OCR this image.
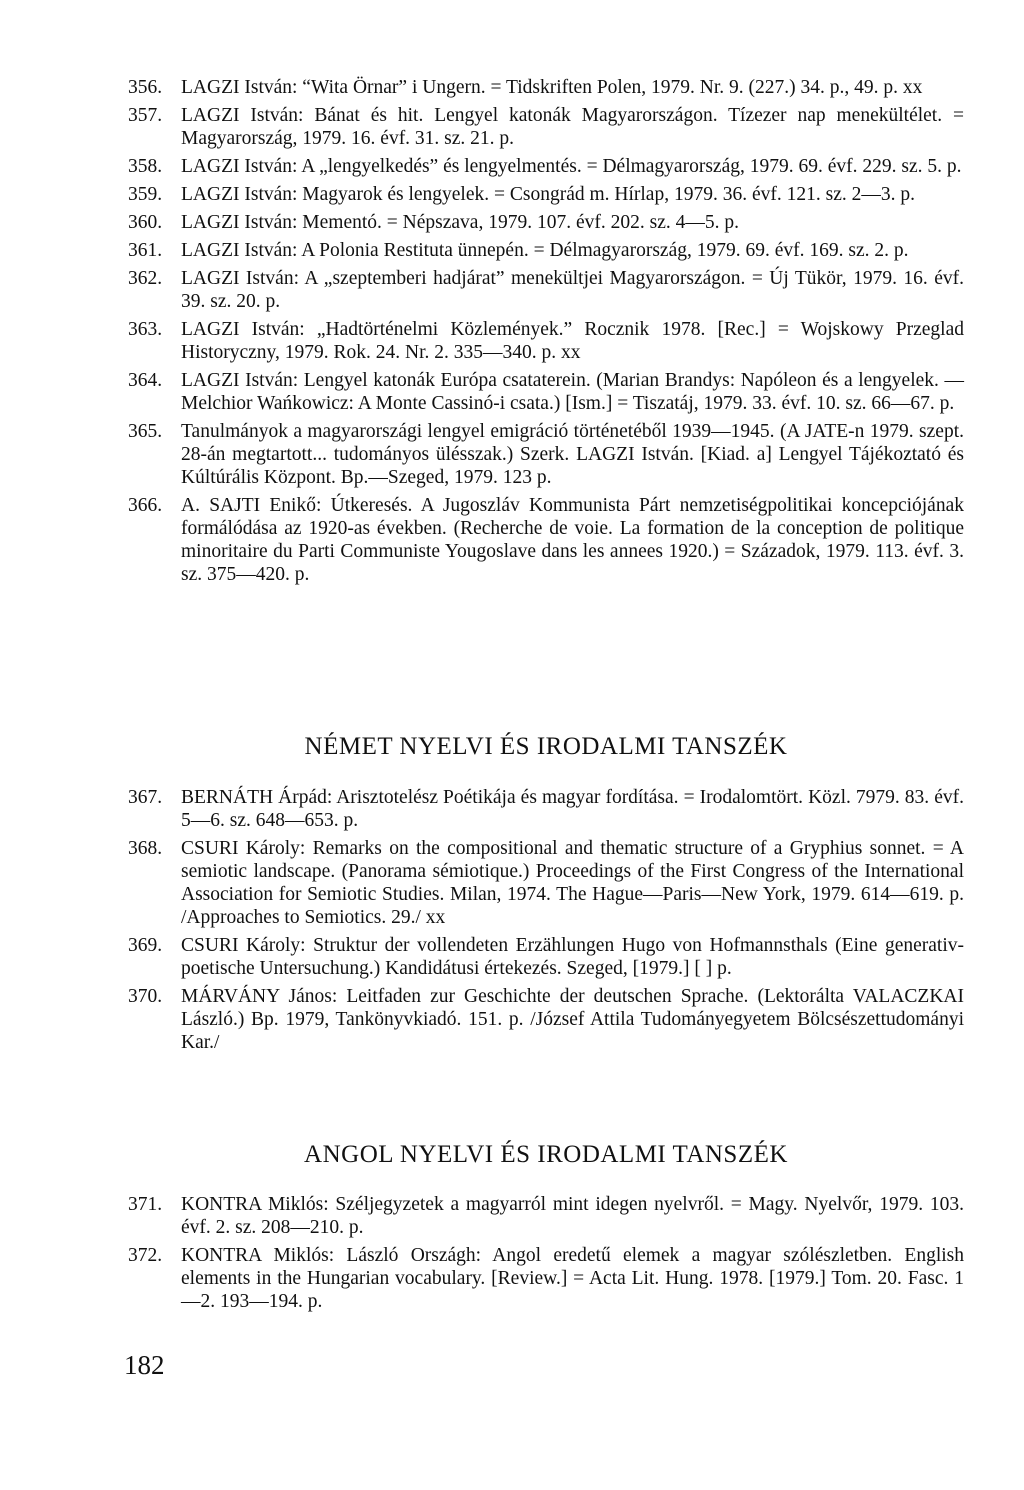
356. LAGZI István: “Wita Örnar” i Ungern. = Tidskriften Polen, 1979. Nr. 9. (227.) 34. p., 49. p. xx
357. LAGZI István: Bánat és hit. Lengyel katonák Magyarországon. Tízezer nap menekültélet. = Magyarország, 1979. 16. évf. 31. sz. 21. p.
358. LAGZI István: A „lengyelkedés” és lengyelmentés. = Délmagyarország, 1979. 69. évf. 229. sz. 5. p.
359. LAGZI István: Magyarok és lengyelek. = Csongrád m. Hírlap, 1979. 36. évf. 121. sz. 2—3. p.
360. LAGZI István: Mementó. = Népszava, 1979. 107. évf. 202. sz. 4—5. p.
361. LAGZI István: A Polonia Restituta ünnepén. = Délmagyarország, 1979. 69. évf. 169. sz. 2. p.
362. LAGZI István: A „szeptemberi hadjárat” menekültjei Magyarországon. = Új Tükör, 1979. 16. évf. 39. sz. 20. p.
363. LAGZI István: „Hadtörténelmi Közlemények.” Rocznik 1978. [Rec.] = Wojskowy Przeglad Historyczny, 1979. Rok. 24. Nr. 2. 335—340. p. xx
364. LAGZI István: Lengyel katonák Európa csataterein. (Marian Brandys: Napóleon és a lengyelek. — Melchior Wańkowicz: A Monte Cassinó-i csata.) [Ism.] = Tiszatáj, 1979. 33. évf. 10. sz. 66—67. p.
365. Tanulmányok a magyarországi lengyel emigráció történetéből 1939—1945. (A JATE-n 1979. szept. 28-án megtartott... tudományos ülésszak.) Szerk. LAGZI István. [Kiad. a] Lengyel Tájékoztató és Kúltúrális Központ. Bp.—Szeged, 1979. 123 p.
366. A. SAJTI Enikő: Útkeresés. A Jugoszláv Kommunista Párt nemzetiségpolitikai koncepciójának formálódása az 1920-as években. (Recherche de voie. La formation de la conception de politique minoritaire du Parti Communiste Yougoslave dans les annees 1920.) = Századok, 1979. 113. évf. 3. sz. 375—420. p.
NÉMET NYELVI ÉS IRODALMI TANSZÉK
367. BERNÁTH Árpád: Arisztotelész Poétikája és magyar fordítása. = Irodalomtört. Közl. 7979. 83. évf. 5—6. sz. 648—653. p.
368. CSURI Károly: Remarks on the compositional and thematic structure of a Gryphius sonnet. = A semiotic landscape. (Panorama sémiotique.) Proceedings of the First Congress of the International Association for Semiotic Studies. Milan, 1974. The Hague—Paris—New York, 1979. 614—619. p. /Approaches to Semiotics. 29./ xx
369. CSURI Károly: Struktur der vollendeten Erzählungen Hugo von Hofmannsthals (Eine generativ-poetische Untersuchung.) Kandidátusi értekezés. Szeged, [1979.] [ ] p.
370. MÁRVÁNY János: Leitfaden zur Geschichte der deutschen Sprache. (Lektorálta VALACZKAI László.) Bp. 1979, Tankönyvkiadó. 151. p. /József Attila Tudományegyetem Bölcsészettudományi Kar./
ANGOL NYELVI ÉS IRODALMI TANSZÉK
371. KONTRA Miklós: Széljegyzetek a magyarról mint idegen nyelvről. = Magy. Nyelvőr, 1979. 103. évf. 2. sz. 208—210. p.
372. KONTRA Miklós: László Országh: Angol eredetű elemek a magyar szólészletben. English elements in the Hungarian vocabulary. [Review.] = Acta Lit. Hung. 1978. [1979.] Tom. 20. Fasc. 1—2. 193—194. p.
182
